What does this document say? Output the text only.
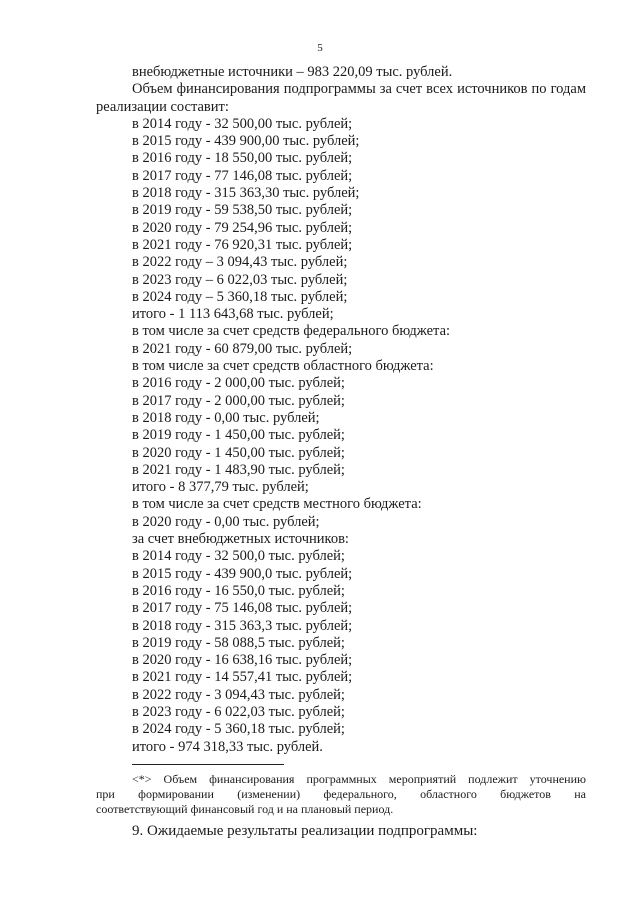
5

внебюджетные источники – 983 220,09 тыс. рублей.

Объем финансирования подпрограммы за счет всех источников по годам реализации составит:

в 2014 году - 32 500,00 тыс. рублей;

в 2015 году - 439 900,00 тыс. рублей;

в 2016 году - 18 550,00 тыс. рублей;

в 2017 году - 77 146,08 тыс. рублей;

в 2018 году - 315 363,30 тыс. рублей;

в 2019 году - 59 538,50 тыс. рублей;

в 2020 году - 79 254,96 тыс. рублей;

в 2021 году - 76 920,31 тыс. рублей;

в 2022 году – 3 094,43 тыс. рублей;

в 2023 году – 6 022,03 тыс. рублей;

в 2024 году – 5 360,18 тыс. рублей;

итого - 1 113 643,68 тыс. рублей;

в том числе за счет средств федерального бюджета:

в 2021 году - 60 879,00 тыс. рублей;

в том числе за счет средств областного бюджета:

в 2016 году - 2 000,00 тыс. рублей;

в 2017 году - 2 000,00 тыс. рублей;

в 2018 году - 0,00 тыс. рублей;

в 2019 году - 1 450,00 тыс. рублей;

в 2020 году - 1 450,00 тыс. рублей;

в 2021 году - 1 483,90 тыс. рублей;

итого - 8 377,79 тыс. рублей;

в том числе за счет средств местного бюджета:

в 2020 году - 0,00 тыс. рублей;

за счет внебюджетных источников:

в 2014 году - 32 500,0 тыс. рублей;

в 2015 году - 439 900,0 тыс. рублей;

в 2016 году - 16 550,0 тыс. рублей;

в 2017 году - 75 146,08 тыс. рублей;

в 2018 году - 315 363,3 тыс. рублей;

в 2019 году - 58 088,5 тыс. рублей;

в 2020 году - 16 638,16 тыс. рублей;

в 2021 году - 14 557,41 тыс. рублей;

в 2022 году - 3 094,43 тыс. рублей;

в 2023 году - 6 022,03 тыс. рублей;

в 2024 году - 5 360,18 тыс. рублей;

итого - 974 318,33 тыс. рублей.

<*> Объем финансирования программных мероприятий подлежит уточнению

при формировании (изменении) федерального, областного бюджетов на

соответствующий финансовый год и на плановый период.

9. Ожидаемые результаты реализации подпрограммы:
